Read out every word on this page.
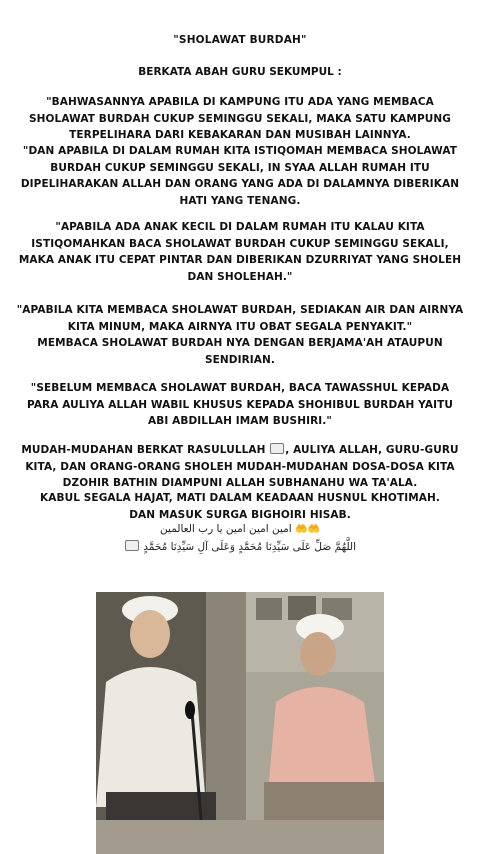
"SHOLAWAT BURDAH"
BERKATA ABAH GURU SEKUMPUL :
"BAHWASANNYA APABILA DI KAMPUNG ITU ADA YANG MEMBACA SHOLAWAT BURDAH CUKUP SEMINGGU SEKALI, MAKA SATU KAMPUNG TERPELIHARA DARI KEBAKARAN DAN MUSIBAH LAINNYA.
"DAN APABILA DI DALAM RUMAH KITA ISTIQOMAH MEMBACA SHOLAWAT BURDAH CUKUP SEMINGGU SEKALI, IN SYAA ALLAH RUMAH ITU DIPELIHARAKAN ALLAH DAN ORANG YANG ADA DI DALAMNYA DIBERIKAN HATI YANG TENANG.
"APABILA ADA ANAK KECIL DI DALAM RUMAH ITU KALAU KITA ISTIQOMAHKAN BACA SHOLAWAT BURDAH CUKUP SEMINGGU SEKALI, MAKA ANAK ITU CEPAT PINTAR DAN DIBERIKAN DZURRIYAT YANG SHOLEH DAN SHOLEHAH."
"APABILA KITA MEMBACA SHOLAWAT BURDAH, SEDIAKAN AIR DAN AIRNYA KITA MINUM, MAKA AIRNYA ITU OBAT SEGALA PENYAKIT."
MEMBACA SHOLAWAT BURDAH NYA DENGAN BERJAMA'AH ATAUPUN SENDIRIAN.
"SEBELUM MEMBACA SHOLAWAT BURDAH, BACA TAWASSHUL KEPADA PARA AULIYA ALLAH WABIL KHUSUS KEPADA SHOHIBUL BURDAH YAITU ABI ABDILLAH IMAM BUSHIRI."
MUDAH-MUDAHAN BERKAT RASULULLAH , AULIYA ALLAH, GURU-GURU KITA, DAN ORANG-ORANG SHOLEH MUDAH-MUDAHAN DOSA-DOSA KITA DZOHIR BATHIN DIAMPUNI ALLAH SUBHANAHU WA TA'ALA.
KABUL SEGALA HAJAT, MATI DALAM KEADAAN HUSNUL KHOTIMAH.
DAN MASUK SURGA BIGHOIRI HISAB.
🤲🤲 امين امين امين يا رب العالمين
اللَّهُمَّ صَلِّ عَلَى سَيِّدِنَا مُحَمَّدٍ وَعَلَى آلِ سَيِّدِنَا مُحَمَّدٍ
